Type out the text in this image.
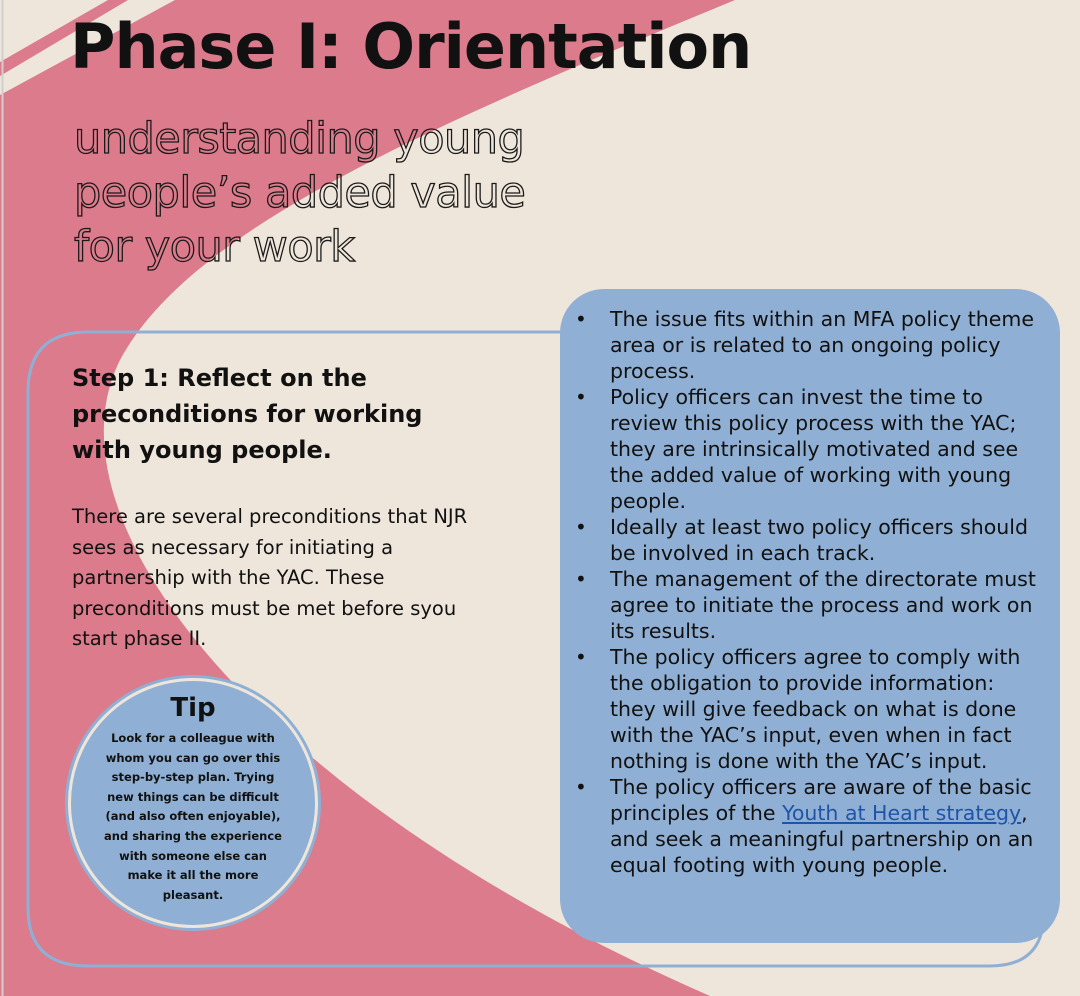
Phase I: Orientation
understanding young
people’s added value
for your work
Step 1: Reflect on the preconditions for working with young people.

There are several preconditions that NJR sees as necessary for initiating a partnership with the YAC. These preconditions must be met before syou start phase II.

Tip
Look for a colleague with whom you can go over this step-by-step plan. Trying new things can be difficult (and also often enjoyable), and sharing the experience with someone else can make it all the more pleasant.
• The issue fits within an MFA policy theme area or is related to an ongoing policy process.
• Policy officers can invest the time to review this policy process with the YAC; they are intrinsically motivated and see the added value of working with young people.
• Ideally at least two policy officers should be involved in each track.
• The management of the directorate must agree to initiate the process and work on its results.
• The policy officers agree to comply with the obligation to provide information: they will give feedback on what is done with the YAC’s input, even when in fact nothing is done with the YAC’s input.
• The policy officers are aware of the basic principles of the Youth at Heart strategy, and seek a meaningful partnership on an equal footing with young people.
